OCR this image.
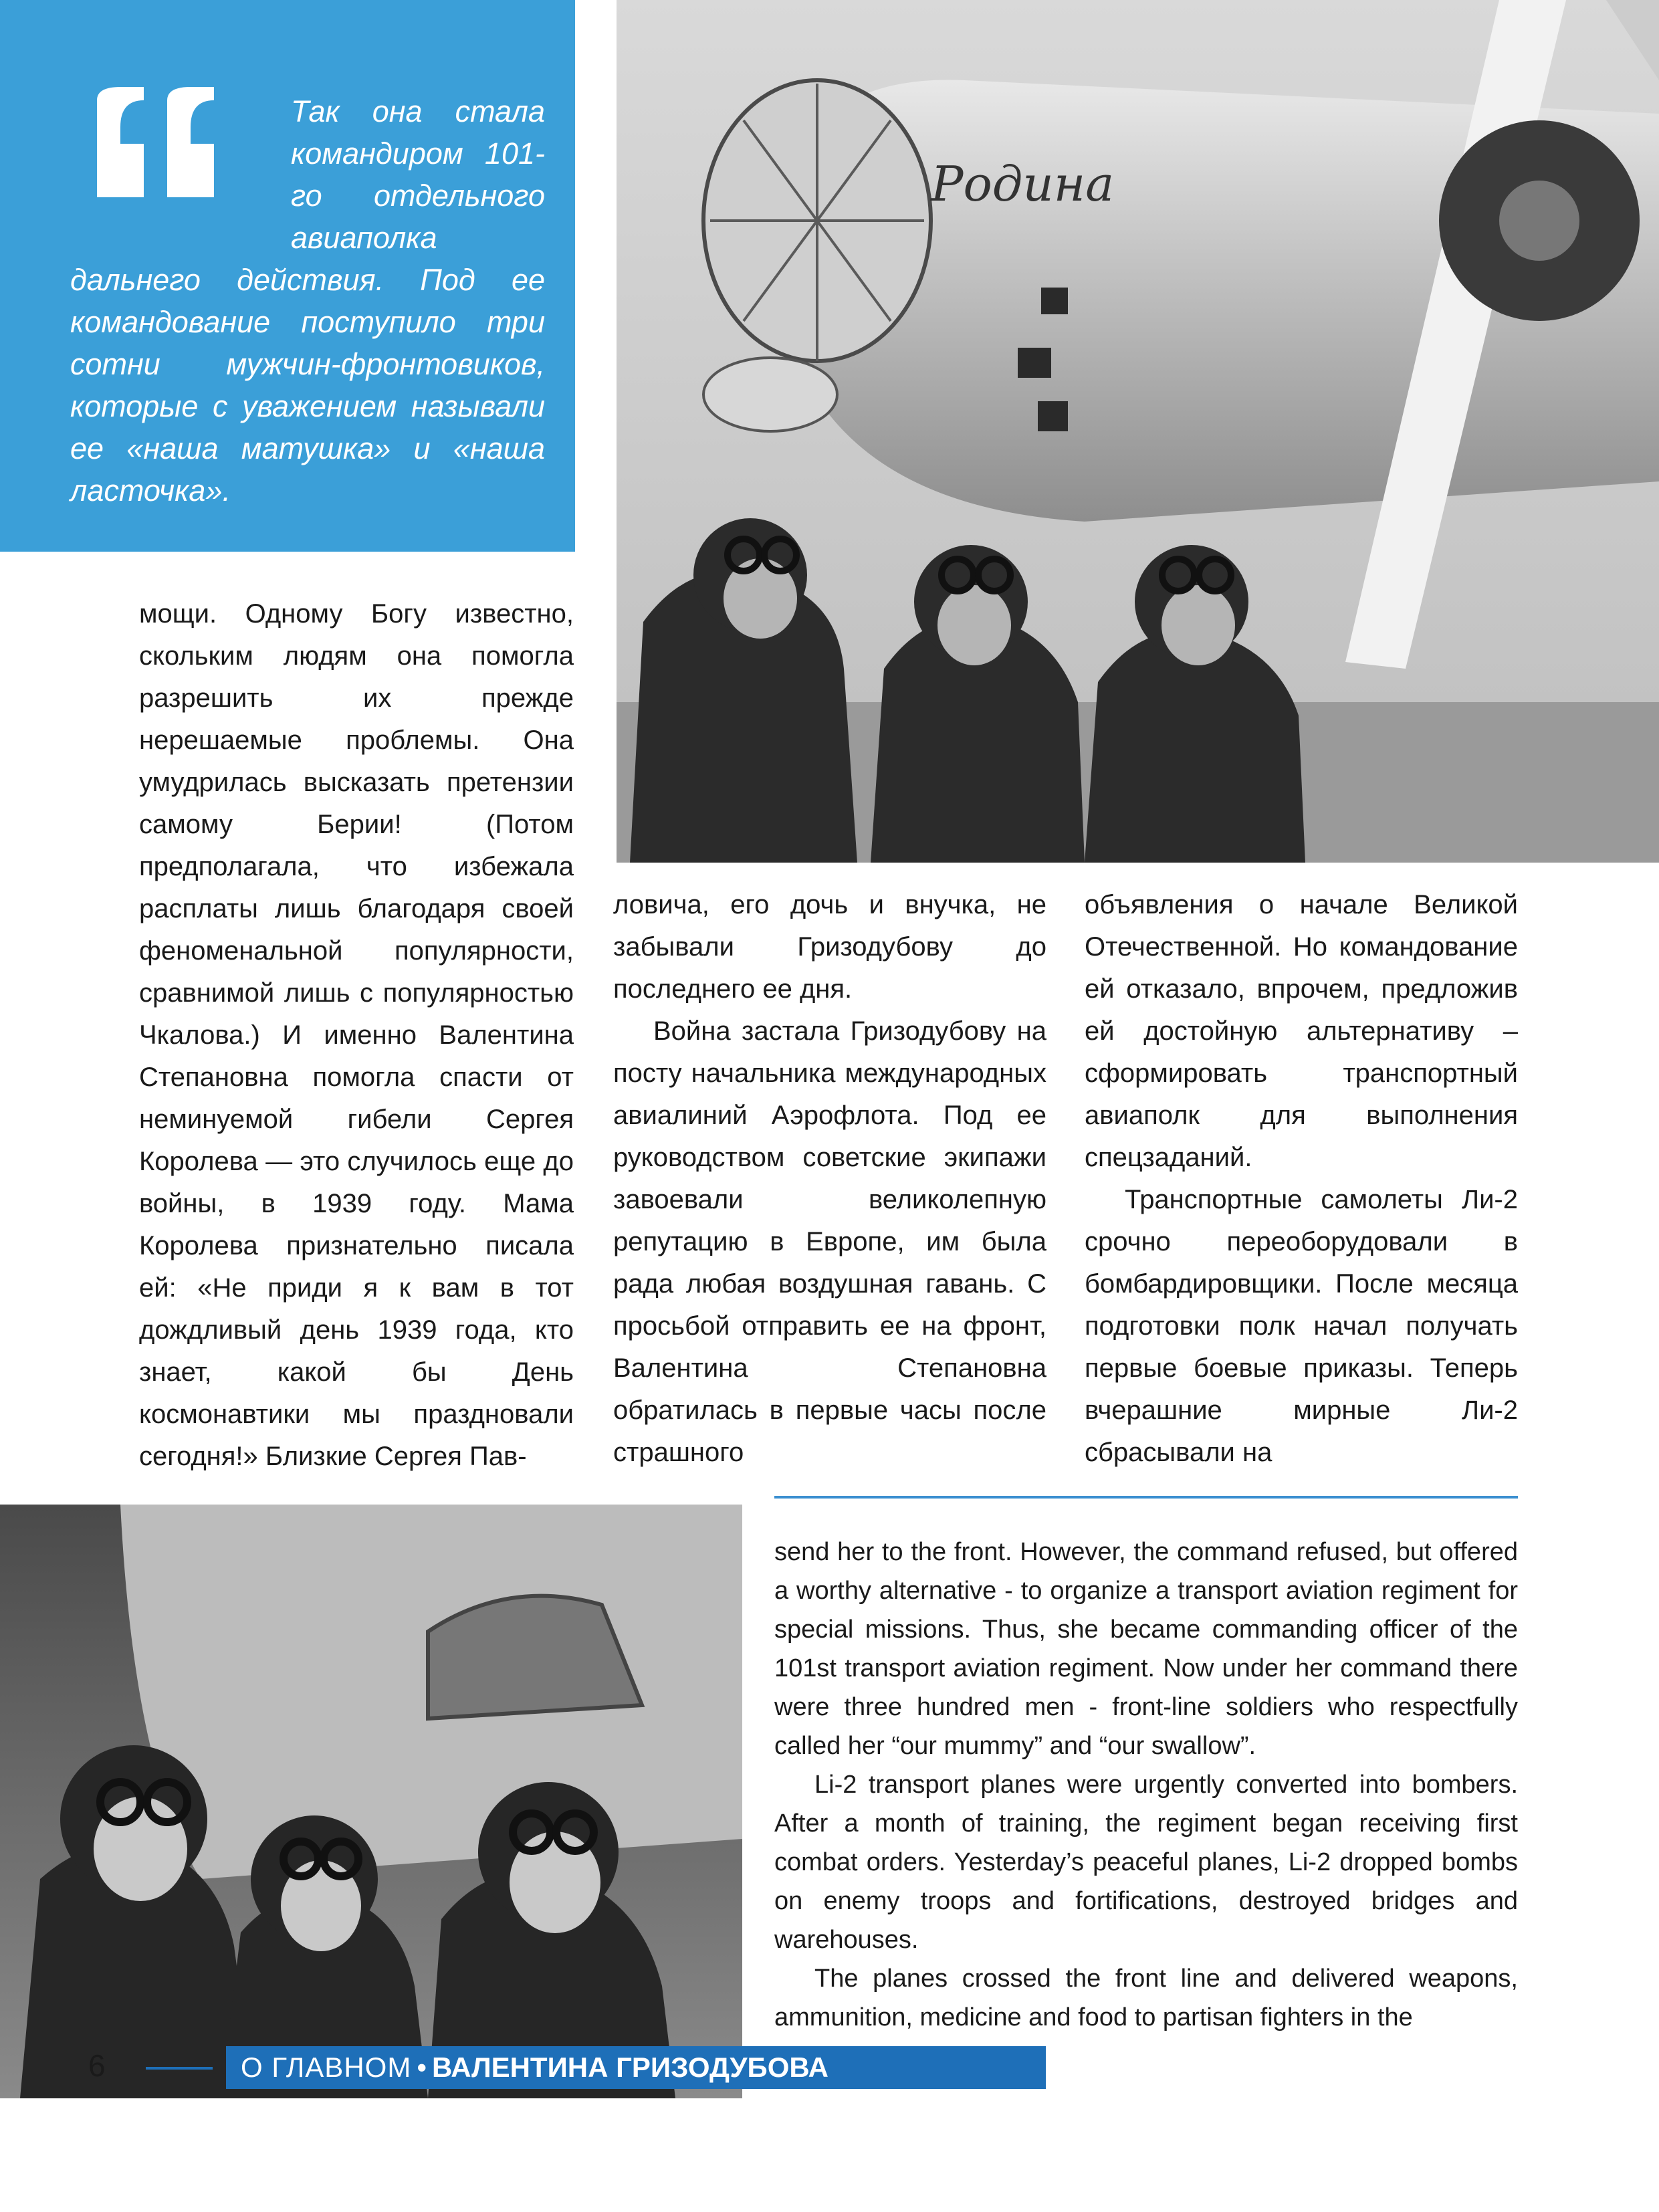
Так она стала командиром 101-го отдельного авиаполка дальнего действия. Под ее командование поступило три сотни мужчин-фронтовиков, которые с уважением называли ее «наша матушка» и «наша ласточка».

Родина

мощи. Одному Богу известно, скольким людям она помогла разрешить их прежде нерешаемые проблемы. Она умудрилась высказать претензии самому Берии! (Потом предполагала, что избежала расплаты лишь благодаря своей феноменальной популярности, сравнимой лишь с популярностью Чкалова.) И именно Валентина Степановна помогла спасти от неминуемой гибели Сергея Королева — это случилось еще до войны, в 1939 году. Мама Королева признательно писала ей: «Не приди я к вам в тот дождливый день 1939 года, кто знает, какой бы День космонавтики мы праздновали сегодня!» Близкие Сергея Пав-

ловича, его дочь и внучка, не забывали Гризодубову до последнего ее дня.

Война застала Гризодубову на посту начальника международных авиалиний Аэрофлота. Под ее руководством советские экипажи завоевали великолепную репутацию в Европе, им была рада любая воздушная гавань. С просьбой отправить ее на фронт, Валентина Степановна обратилась в первые часы после страшного

объявления о начале Великой Отечественной. Но командование ей отказало, впрочем, предложив ей достойную альтернативу – сформировать транспортный авиаполк для выполнения спецзаданий.

Транспортные самолеты Ли-2 срочно переоборудовали в бомбардировщики. После месяца подготовки полк начал получать первые боевые приказы. Теперь вчерашние мирные Ли-2 сбрасывали на

send her to the front. However, the command refused, but offered a worthy alternative - to organize a transport aviation regiment for special missions. Thus, she became commanding officer of the 101st transport aviation regiment. Now under her command there were three hundred men - front-line soldiers who respectfully called her “our mummy” and “our swallow”.

Li-2 transport planes were urgently converted into bombers. After a month of training, the regiment began receiving first combat orders. Yesterday’s peaceful planes, Li-2 dropped bombs on enemy troops and fortifications, destroyed bridges and warehouses.

The planes crossed the front line and delivered weapons, ammunition, medicine and food to partisan fighters in the

6	О ГЛАВНОМ • ВАЛЕНТИНА ГРИЗОДУБОВА
